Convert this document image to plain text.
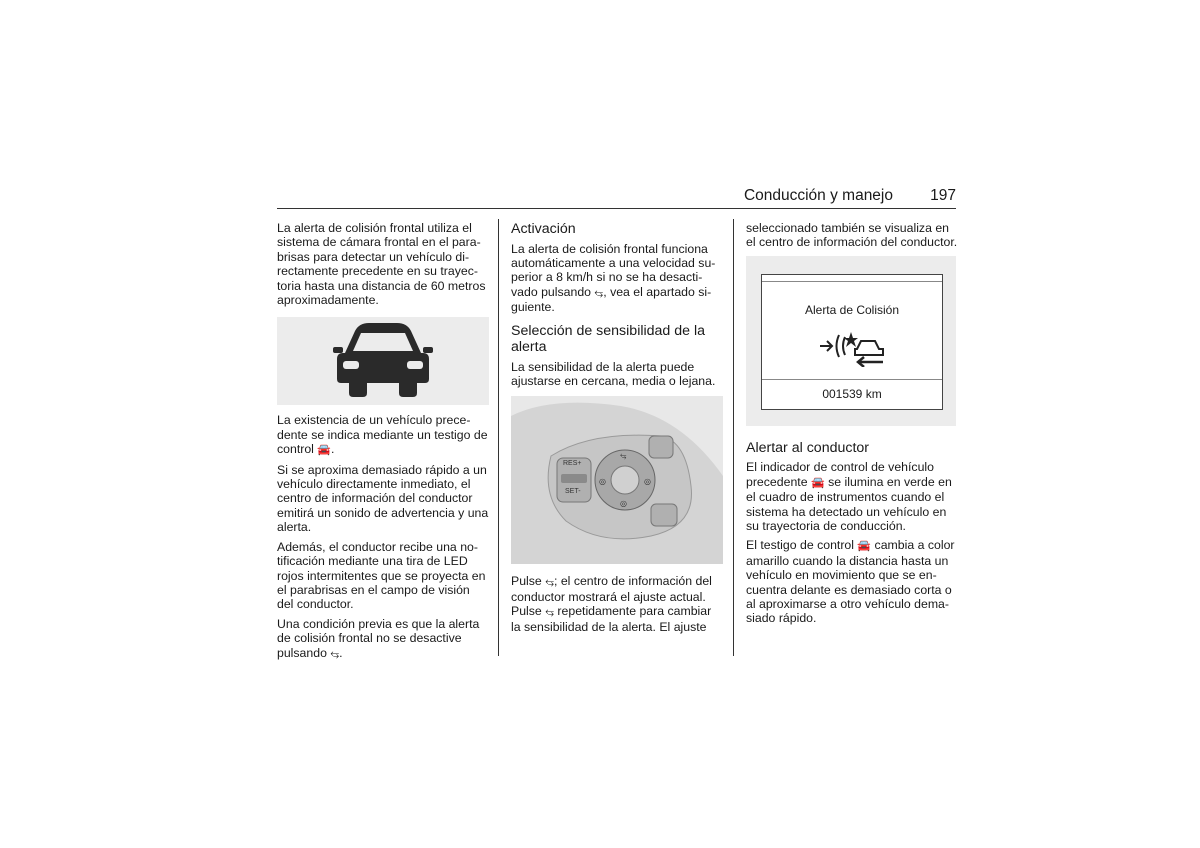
Conducción y manejo	197

La alerta de colisión frontal utiliza el sistema de cámara frontal en el parabrisas para detectar un vehículo directamente precedente en su trayectoria hasta una distancia de 60 metros aproximadamente.

La existencia de un vehículo precedente se indica mediante un testigo de control 🚘.

Si se aproxima demasiado rápido a un vehículo directamente inmediato, el centro de información del conductor emitirá un sonido de advertencia y una alerta.

Además, el conductor recibe una notificación mediante una tira de LED rojos intermitentes que se proyecta en el parabrisas en el campo de visión del conductor.

Una condición previa es que la alerta de colisión frontal no se desactive pulsando ⥃.

Activación

La alerta de colisión frontal funciona automáticamente a una velocidad superior a 8 km/h si no se ha desactivado pulsando ⥃, vea el apartado siguiente.

Selección de sensibilidad de la alerta

La sensibilidad de la alerta puede ajustarse en cercana, media o lejana.

RES+
SET-
⥃
◎	◎
◎

Pulse ⥃; el centro de información del conductor mostrará el ajuste actual. Pulse ⥃ repetidamente para cambiar la sensibilidad de la alerta. El ajuste

seleccionado también se visualiza en el centro de información del conductor.

Alerta de Colisión
001539 km
Alertar al conductor

El indicador de control de vehículo precedente 🚘 se ilumina en verde en el cuadro de instrumentos cuando el sistema ha detectado un vehículo en su trayectoria de conducción.

El testigo de control 🚘 cambia a color amarillo cuando la distancia hasta un vehículo en movimiento que se encuentra delante es demasiado corta o al aproximarse a otro vehículo demasiado rápido.
